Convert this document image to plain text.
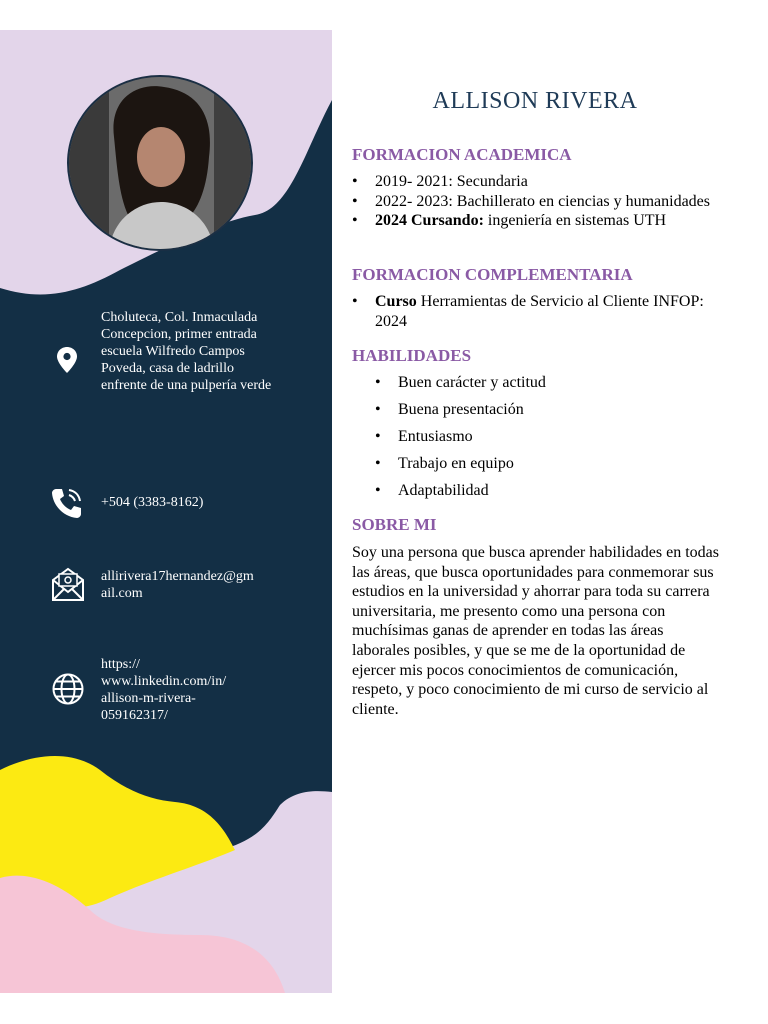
Choluteca, Col. Inmaculada Concepcion, primer entrada escuela Wilfredo Campos Poveda, casa de ladrillo enfrente de una pulpería verde
+504 (3383-8162)
allirivera17hernandez@gm
ail.com
https://
www.linkedin.com/in/
allison-m-rivera-
059162317/
ALLISON RIVERA
FORMACION ACADEMICA
• 2019- 2021: Secundaria
• 2022- 2023: Bachillerato en ciencias y humanidades
• 2024 Cursando: ingeniería en sistemas UTH
FORMACION COMPLEMENTARIA
• Curso Herramientas de Servicio al Cliente INFOP: 2024
HABILIDADES
• Buen carácter y actitud
• Buena presentación
• Entusiasmo
• Trabajo en equipo
• Adaptabilidad
SOBRE MI
Soy una persona que busca aprender habilidades en todas las áreas, que busca oportunidades para conmemorar sus estudios en la universidad y ahorrar para toda su carrera universitaria, me presento como una persona con muchísimas ganas de aprender en todas las áreas laborales posibles, y que se me de la oportunidad de ejercer mis pocos conocimientos de comunicación, respeto, y poco conocimiento de mi curso de servicio al cliente.
